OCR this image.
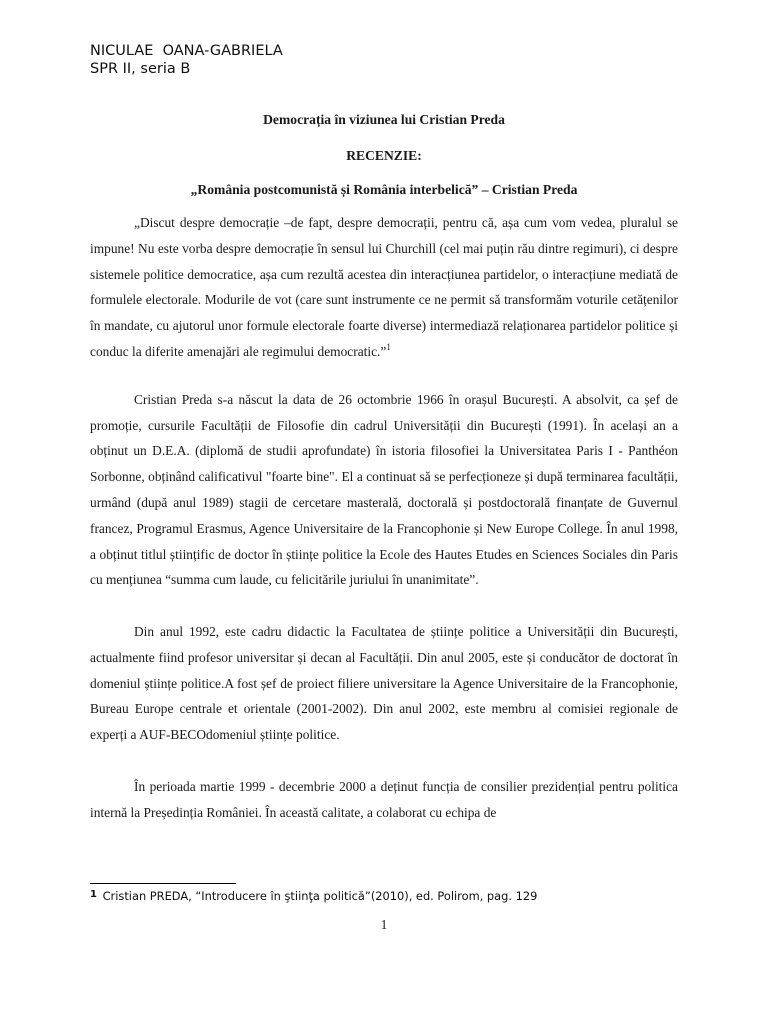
NICULAE  OANA-GABRIELA
SPR II, seria B
Democrația în viziunea lui Cristian Preda
RECENZIE:
„România postcomunistă și România interbelică” – Cristian Preda

„Discut despre democrație –de fapt, despre democrații, pentru că, așa cum vom vedea, pluralul se impune! Nu este vorba despre democrație în sensul lui Churchill (cel mai puțin rău dintre regimuri), ci despre sistemele politice democratice, așa cum rezultă acestea din interacțiunea partidelor, o interacțiune mediată de formulele electorale. Modurile de vot (care sunt instrumente ce ne permit să transformăm voturile cetățenilor în mandate, cu ajutorul unor formule electorale foarte diverse) intermediază relaționarea partidelor politice și conduc la diferite amenajări ale regimului democratic.”$^1$

Cristian Preda s-a născut la data de 26 octombrie 1966 în orașul București. A absolvit, ca șef de promoție, cursurile Facultății de Filosofie din cadrul Universității din București (1991). În același an a obținut un D.E.A. (diplomă de studii aprofundate) în istoria filosofiei la Universitatea Paris I - Panthéon Sorbonne, obținând calificativul "foarte bine". El a continuat să se perfecționeze și după terminarea facultății, urmând (după anul 1989) stagii de cercetare masterală, doctorală și postdoctorală finanțate de Guvernul francez, Programul Erasmus, Agence Universitaire de la Francophonie și New Europe College. În anul 1998, a obținut titlul științific de doctor în științe politice la Ecole des Hautes Etudes en Sciences Sociales din Paris cu mențiunea “summa cum laude, cu felicitările juriului în unanimitate”.

Din anul 1992, este cadru didactic la Facultatea de științe politice a Universității din București, actualmente fiind profesor universitar și decan al Facultății. Din anul 2005, este și conducător de doctorat în domeniul științe politice.A fost șef de proiect filiere universitare la Agence Universitaire de la Francophonie, Bureau Europe centrale et orientale (2001-2002). Din anul 2002, este membru al comisiei regionale de experți a AUF-BECOdomeniul științe politice.

În perioada martie 1999 - decembrie 2000 a deținut funcția de consilier prezidențial pentru politica internă la Președinția României. În această calitate, a colaborat cu echipa de

1 Cristian PREDA, “Introducere în ştiinţa politică”(2010), ed. Polirom, pag. 129
1
